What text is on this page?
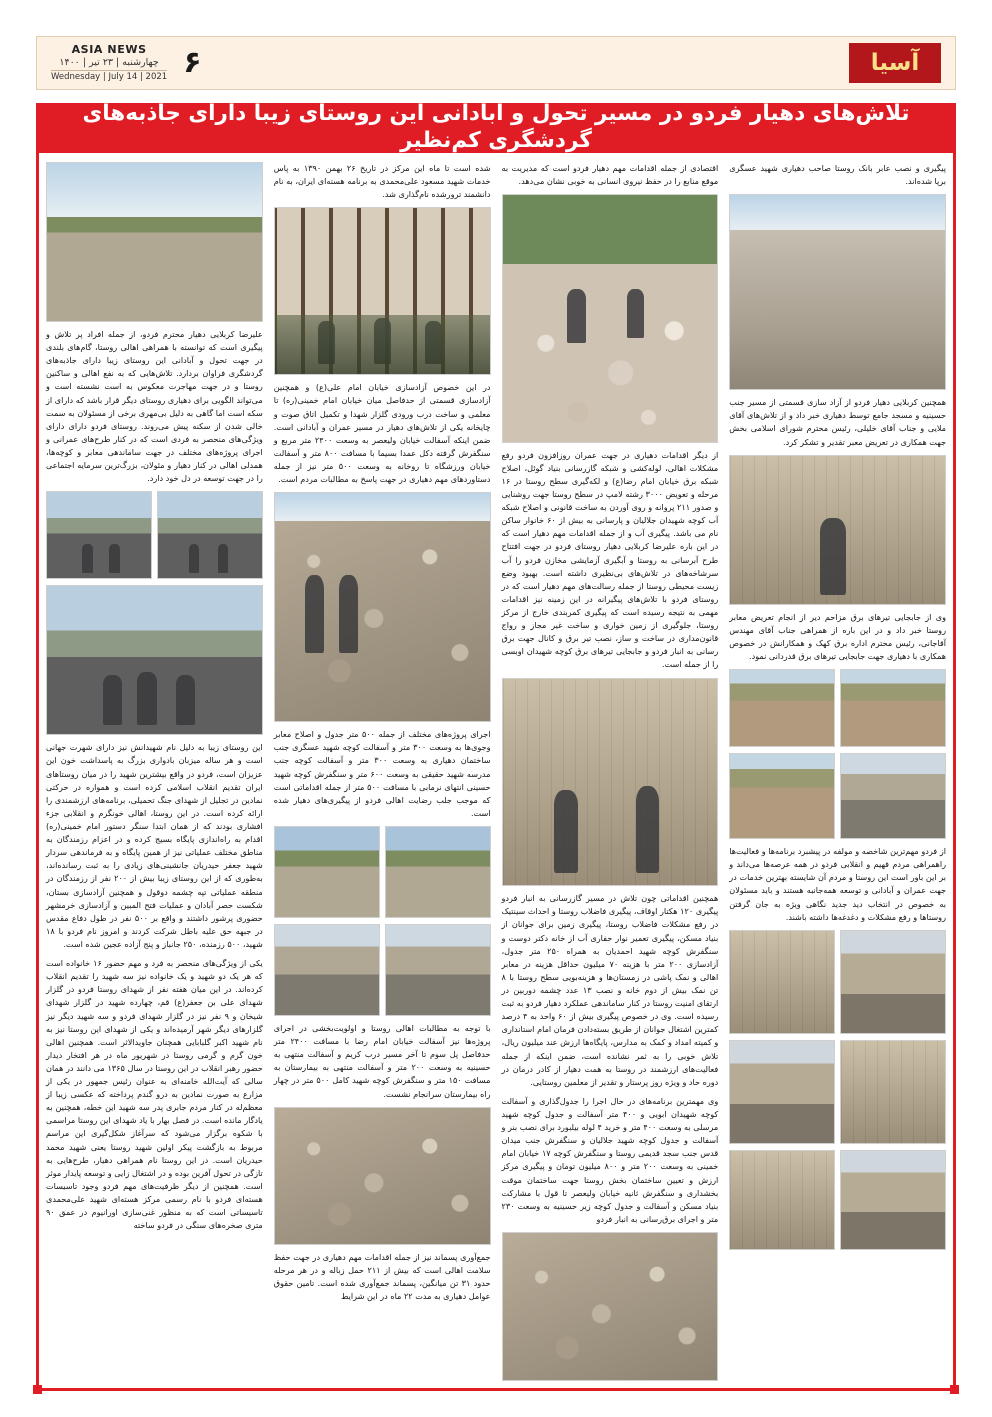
آسیا
ASIA NEWS
چهارشنبه | ۲۳ تیر | ۱۴۰۰
Wednesday | July 14 | 2021 ۶
تلاش‌های دهیار فردو در مسیر تحول و آبادانی این روستای زیبا دارای جاذبه‌های گردشگری کم‌نظیر

پیگیری و نصب عابر بانک روستا صاحب دهیاری شهید عسگری برپا شده‌اند.

همچنین کربلایی دهیار فردو از آزاد سازی قسمتی از مسیر جنب حسینیه و مسجد جامع توسط دهیاری خبر داد و از تلاش‌های آقای ملایی و جناب آقای خلیلی، رئیس محترم شورای اسلامی بخش جهت همکاری در تعریض معبر تقدیر و تشکر کرد.

وی از جابجایی تیرهای برق مزاحم دیر از انجام تعریض معابر روستا خبر داد و در این باره از همراهی جناب آقای مهندس آقاجانی، رئیس محترم اداره برق کهک و همکارانش در خصوص همکاری با دهیاری جهت جابجایی تیرهای برق قدردانی نمود.

از فردو مهم‌ترین شاخصه و مولفه در پیشبرد برنامه‌ها و فعالیت‌ها راهمراهی مردم فهیم و انقلابی فردو در همه عرصه‌ها می‌داند و بر این باور است این روستا و مردم آن شایسته بهترین خدمات در جهت عمران و آبادانی و توسعه همه‌جانبه هستند و باید مسئولان به خصوص در انتخاب دید جدید نگاهی ویژه به جان گرفتن روستاها و رفع مشکلات و دغدغه‌ها داشته باشند.

اقتصادی از جمله اقدامات مهم دهیار فردو است که مدیریت به موقع منابع را در حفظ نیروی انسانی به خوبی نشان می‌دهد.

از دیگر اقدامات دهیاری در جهت عمران روزافزون فردو رفع مشکلات اهالی، لوله‌کشی و شبکه گازرسانی بنیاد گوئل، اصلاح شبکه برق خیابان امام رضا(ع) و لکه‌گیری سطح روستا در ۱۶ مرحله و تعویض ۳۰۰۰ رشته لامپ در سطح روستا جهت روشنایی و صدور ۲۱۱ پروانه و روی آوردن به ساخت قانونی و اصلاح شبکه آب کوچه شهیدان جلالیان و پارسانی به بیش از ۶۰ خانوار ساکن نام می باشد. پیگیری آب و از جمله اقدامات مهم دهیار است که در این باره علیرضا کربلایی دهیار روستای فردو در جهت افتتاح طرح آبرسانی به روستا و آبگیری آزمایشی مخازن فردو را آب سرشاخه‌های در تلاش‌های بی‌نظیری داشته است. بهبود وضع زیست محیطی روستا از جمله رسالت‌های مهم دهیار است که در روستای فردو با تلاش‌های پیگیرانه در این زمینه نیز اقدامات مهمی به نتیجه رسیده است که پیگیری کمربندی خارج از مرکز روستا، جلوگیری از زمین خواری و ساخت غیر مجاز و رواج قانون‌مداری در ساخت و ساز، نصب تیر برق و کانال جهت برق رسانی به انبار فردو و جابجایی تیرهای برق کوچه شهیدان اوبسی را از جمله است.

همچنین اقداماتی چون تلاش در مسیر گازرسانی به انبار فردو پیگیری ۱۲۰ هکتار اوقاف، پیگیری فاضلاب روستا و احداث سینتیک در رفع مشکلات فاضلاب روستا، پیگیری زمین برای جوانان از بنیاد مسکن، پیگیری تعمیر نوار حفاری آب از خانه دکتر دوست و سنگفرش کوچه شهید احمدیان به همراه ۲۵۰ متر جدول، آزادسازی ۲۰۰ متر با هزینه ۷۰ میلیون حداقل هزینه در معابر اهالی و نمک پاشی در زمستان‌ها و هزینه‌بویی سطح روستا با ۸ تن نمک بیش از دوم خانه و نصب ۱۳ عدد چشمه دوربین در ارتقای امنیت روستا در کنار ساماندهی عملکرد دهیار فردو به ثبت رسیده است. وی در خصوص پیگیری بیش از ۶۰ واحد به ۴ درصد کمترین اشتغال جوانان از طریق بسته‌دادن فرمان امام استانداری و کمیته امداد و کمک به مدارس، پایگاه‌ها ارزش عند میلیون ریال، تلاش خوبی را به ثمر نشانده است، ضمن اینکه از جمله فعالیت‌های ارزشمند در روستا به همت دهیار از کادر درمان در دوره حاد و ویژه روز پرستار و تقدیر از معلمین روستایی.

وی مهمترین برنامه‌های در حال اجرا را جدول‌گذاری و آسفالت کوچه شهیدان ابویی و ۴۰۰ متر آسفالت و جدول کوچه شهید مرسلی به وسعت ۴۰۰ متر و خرید ۴ لوله بیلبورد برای نصب بنر و آسفالت و جدول کوچه شهید جلالیان و سنگفرش جنب میدان قدس جنب سجد قدیمی روستا و سنگفرش کوچه ۱۷ خیابان امام خمینی به وسعت ۲۰۰ متر و ۸۰۰ میلیون تومان و پیگیری مرکز ارزش و تعیین ساختمان بخش روستا جهت ساختمان موقت بخشداری و سنگفرش ثانیه خیابان ولیعصر تا قول با مشارکت بنیاد مسکن و آسفالت و جدول کوچه زیر حسینیه به وسعت ۲۳۰ متر و اجرای برق‌رسانی به انبار فردو

شده است تا ماه این مرکز در تاریخ ۲۶ بهمن ۱۳۹۰ به پاس خدمات شهید مسعود علی‌محمدی به برنامه هسته‌ای ایران، به نام دانشمند ترورشده نام‌گذاری شد.

در این خصوص آزادسازی خیابان امام علی(ع) و همچنین آزادسازی قسمتی از حدفاصل میان خیابان امام خمینی(ره) تا معلمی و ساخت درب ورودی گلزار شهدا و تکمیل اتاق صوت و چایخانه یکی از تلاش‌های دهیار در مسیر عمران و آبادانی است. ضمن اینکه آسفالت خیابان ولیعصر به وسعت ۲۴۰۰ متر مربع و سنگفرش گرفته دکل عمدا بسیما با مسافت ۸۰۰ متر و آسفالت خیابان ورزشگاه تا روخانه به وسعت ۵۰۰ متر نیز از جمله دستاوردهای مهم دهیاری در جهت پاسخ به مطالبات مردم است.

اجرای پروژه‌های مختلف از جمله ۵۰۰ متر جدول و اصلاح معابر وجوی‌ها به وسعت ۳۰۰ متر و آسفالت کوچه شهید عسگری جنب ساختمان دهیاری به وسعت ۳۰۰ متر و آسفالت کوچه جنب مدرسه شهید حقیقی به وسعت ۶۰۰ متر و سنگفرش کوچه شهید حسینی انتهای نرمابی با مسافت ۵۰۰ متر از جمله اقداماتی است که موجب جلب رضایت اهالی فردو از پیگیری‌های دهیار شده است.

با توجه به مطالبات اهالی روستا و اولویت‌بخشی در اجرای پروژه‌ها نیز آسفالت خیابان امام رضا با مسافت ۲۴۰۰ متر حدفاصل پل سوم تا آخر مسیر درب کریم و آسفالت منتهی به حسینیه به وسعت ۲۰۰ متر و آسفالت منتهی به بیمارستان به مسافت ۱۵۰ متر و سنگفرش کوچه شهید کامل ۵۰۰ متر در چهار راه بیمارستان سرانجام نشست.

جمع‌آوری پسماند نیز از جمله اقدامات مهم دهیاری در جهت حفظ سلامت اهالی است که بیش از ۲۱۱ حمل زباله و در هر مرحله حدود ۳۱ تن میانگین، پسماند جمع‌آوری شده است. تامین حقوق عوامل دهیاری به مدت ۲۲ ماه در این شرایط

علیرضا کربلایی دهیار محترم فردو، از جمله افراد پر تلاش و پیگیری است که توانسته با همراهی اهالی روستا، گام‌های بلندی در جهت تحول و آبادانی این روستای زیبا دارای جاذبه‌های گردشگری فراوان بردارد. تلاش‌هایی که به نفع اهالی و ساکنین روستا و در جهت مهاجرت معکوس به است نشسته است و می‌تواند الگویی برای دهیاری روستای دیگر قرار باشد که دارای از سکه است اما گاهی به دلیل بی‌مهری برخی از مسئولان به سمت خالی شدن از سکنه پیش می‌روند. روستای فردو دارای دارای ویژگی‌های منحصر به فردی است که در کنار طرح‌های عمرانی و اجرای پروژه‌های مختلف در جهت ساماندهی معابر و کوچه‌ها، همدلی اهالی در کنار دهیار و مئولان، بزرگ‌ترین سرمایه اجتماعی را در جهت توسعه در دل خود دارد.

این روستای زیبا به دلیل نام شهیدانش نیز دارای شهرت جهانی است و هر ساله میزبان بادواری بزرگ به پاسداشت خون این عزیزان است، فردو در واقع بیشترین شهید را در میان روستاهای ایران تقدیم انقلاب اسلامی کرده است و همواره در حرکتی نمادین در تجلیل از شهدای جنگ تحمیلی، برنامه‌های ارزشمندی را ارائه کرده است. در این روستا، اهالی خونگرم و انقلابی جزء افشاری بودند که از همان ابتدا سنگر دستور امام خمینی(ره) اقدام به راه‌اندازی پایگاه بسیج کرده و در اعزام رزمندگان به مناطق مختلف عملیاتی نیز از همین پایگاه و به فرماندهی سردار شهید جعفر حیدریان جانشینی‌های زیادی را به ثبت رسانده‌اند، به‌طوری که از این روستای زیبا بیش از ۲۰۰ نفر از رزمندگان در منطقه عملیاتی تپه چشمه دوقول و همچنین آزادسازی بستان، شکست حصر آبادان و عملیات فتح المبین و آزادسازی خرمشهر حضوری پرشور داشتند و واقع بر ۵۰۰ نفر در طول دفاع مقدس در جبهه حق علیه باطل شرکت کردند و امروز نام فردو با ۱۸ شهید، ۵۰۰ رزمنده، ۲۵۰ جانباز و پنج آزاده عجین شده است.

یکی از ویژگی‌های منحصر به فرد و مهم حضور ۱۶ خانواده است که هر یک دو شهید و یک خانواده نیز سه شهید را تقدیم انقلاب کرده‌اند. در این میان هفته نفر از شهدای روستا فردو در گلزار شهدای علی بن جعفر(ع) قم، چهارده شهید در گلزار شهدای شیخان و ۹ نفر نیز در گلزار شهدای فردو و سه شهید دیگر نیز گلزارهای دیگر شهر آرمیده‌اند و یکی از شهدای این روستا نیز به نام شهید اکبر گلبابایی همچنان جاویدالاثر است. همچنین اهالی خون گرم و گرمی روستا در شهریور ماه در هر افتخار دیدار حضور رهبر انقلاب در این روستا در سال ۱۳۶۵ می دانند در همان سالی که آیت‌الله خامنه‌ای به عنوان رئیس جمهور در یکی از مزارع به صورت نمادین به درو گندم پرداخته که عکسی زیبا از معظم‌له در کنار مردم جابری پدر سه شهید این خطه، همچنین به یادگار مانده است. در فصل بهار با یاد شهدای این روستا مراسمی با شکوه برگزار می‌شود که سرآغاز شکل‌گیری این مراسم مربوط به بازگشت پیکر اولین شهید روستا یعنی شهید محمد حیدریان است. در این روستا نام همراهی دهیار، طرح‌هایی به تازگی در تحول آفرین بوده و در اشتغال زایی و توسعه پایدار موثر است. همچنین از دیگر ظرفیت‌های مهم فردو وجود تاسیسات هسته‌ای فردو با نام رسمی مرکز هسته‌ای شهید علی‌محمدی تاسیساتی است که به منظور غنی‌سازی اورانیوم در عمق ۹۰ متری صخره‌های سنگی در فردو ساخته
